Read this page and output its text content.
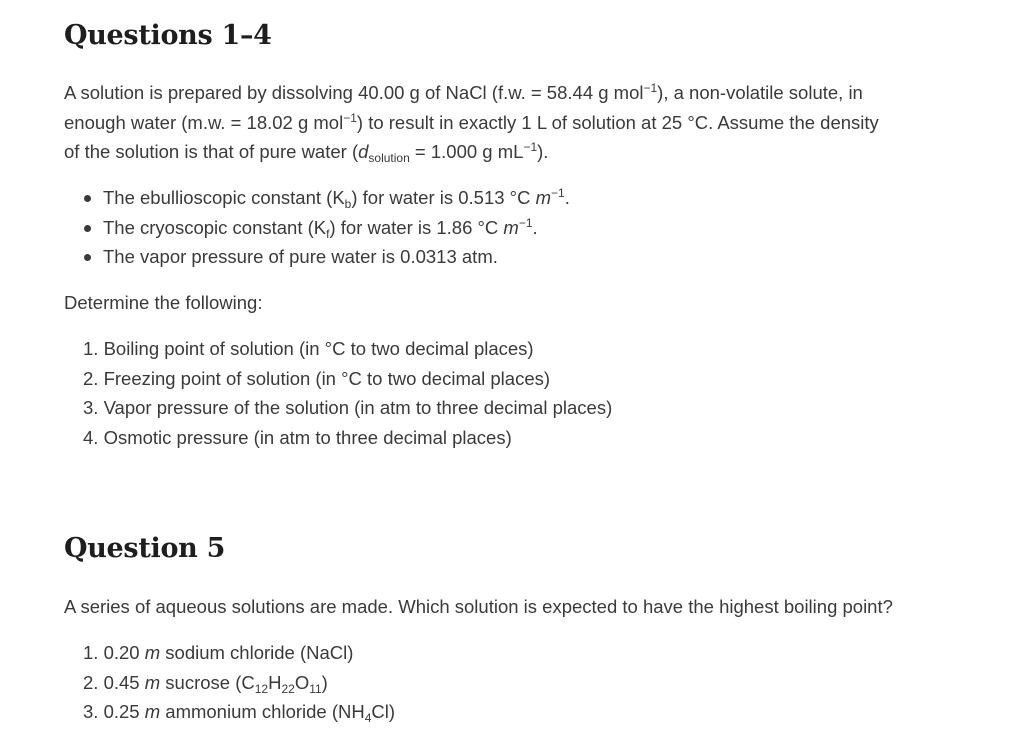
Questions 1–4

A solution is prepared by dissolving 40.00 g of NaCl (f.w. = 58.44 g mol$^{-1}$), a non-volatile solute, in
enough water (m.w. = 18.02 g mol$^{-1}$) to result in exactly 1 L of solution at 25 °C. Assume the density
of the solution is that of pure water ($d_{solution} = 1.000$ g $mL^{-1}$).

The ebullioscopic constant $(K_b)$ for water is 0.513 °C $m^{-1}$.
The cryoscopic constant $(K_f)$ for water is 1.86 °C $m^{-1}$.
The vapor pressure of pure water is 0.0313 atm.

Determine the following:

1. Boiling point of solution (in °C to two decimal places)
2. Freezing point of solution (in °C to two decimal places)
3. Vapor pressure of the solution (in atm to three decimal places)
4. Osmotic pressure (in atm to three decimal places)
Question 5

A series of aqueous solutions are made. Which solution is expected to have the highest boiling point?

1. 0.20 m sodium chloride (NaCl)
2. 0.45 m sucrose $(C_{12}H_{22}O_{11})$
3. 0.25 m ammonium chloride $(NH_4Cl)$
